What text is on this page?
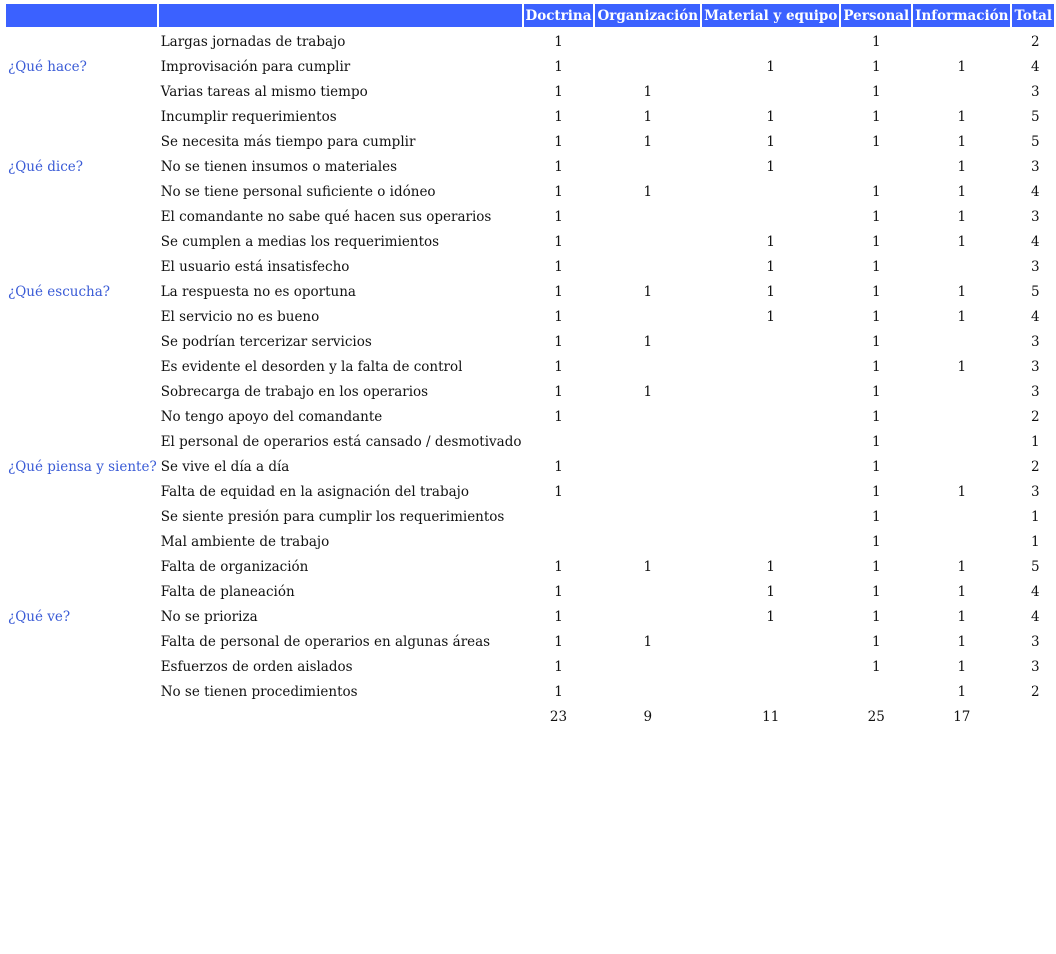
		Doctrina	Organización	Material y equipo	Personal	Información	Total
	Largas jornadas de trabajo	1			1		2
¿Qué hace?	Improvisación para cumplir	1		1	1	1	4
	Varias tareas al mismo tiempo	1	1		1		3
	Incumplir requerimientos	1	1	1	1	1	5
	Se necesita más tiempo para cumplir	1	1	1	1	1	5
¿Qué dice?	No se tienen insumos o materiales	1		1		1	3
	No se tiene personal suficiente o idóneo	1	1		1	1	4
	El comandante no sabe qué hacen sus operarios	1			1	1	3
	Se cumplen a medias los requerimientos	1		1	1	1	4
	El usuario está insatisfecho	1		1	1		3
¿Qué escucha?	La respuesta no es oportuna	1	1	1	1	1	5
	El servicio no es bueno	1		1	1	1	4
	Se podrían tercerizar servicios	1	1		1		3
	Es evidente el desorden y la falta de control	1			1	1	3
	Sobrecarga de trabajo en los operarios	1	1		1		3
	No tengo apoyo del comandante	1			1		2
	El personal de operarios está cansado / desmotivado				1		1
¿Qué piensa y siente?	Se vive el día a día	1			1		2
	Falta de equidad en la asignación del trabajo	1			1	1	3
	Se siente presión para cumplir los requerimientos				1		1
	Mal ambiente de trabajo				1		1
	Falta de organización	1	1	1	1	1	5
	Falta de planeación	1		1	1	1	4
¿Qué ve?	No se prioriza	1		1	1	1	4
	Falta de personal de operarios en algunas áreas	1	1		1	1	3
	Esfuerzos de orden aislados	1			1	1	3
	No se tienen procedimientos	1				1	2
		23	9	11	25	17	
